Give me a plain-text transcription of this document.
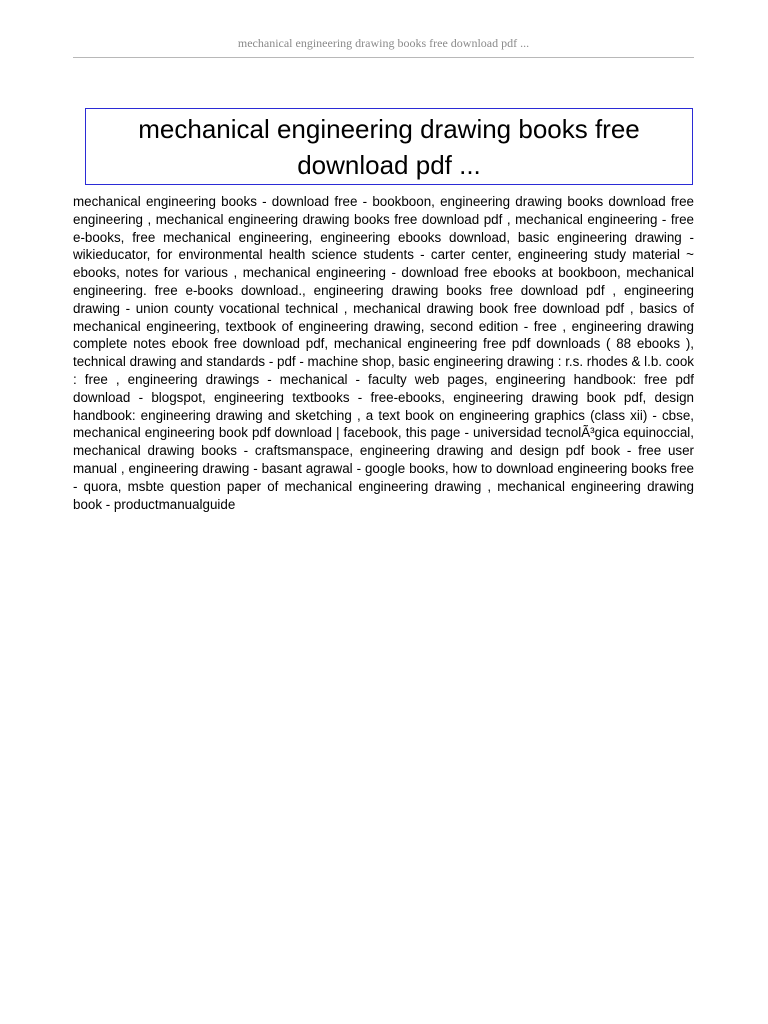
mechanical engineering drawing books free download pdf ...
mechanical engineering drawing books free download pdf ...

mechanical engineering books - download free - bookboon, engineering drawing books download free engineering , mechanical engineering drawing books free download pdf , mechanical engineering - free e-books, free mechanical engineering, engineering ebooks download, basic engineering drawing - wikieducator, for environmental health science students - carter center, engineering study material ~ ebooks, notes for various , mechanical engineering - download free ebooks at bookboon, mechanical engineering. free e-books download., engineering drawing books free download pdf , engineering drawing - union county vocational technical , mechanical drawing book free download pdf , basics of mechanical engineering, textbook of engineering drawing, second edition - free , engineering drawing complete notes ebook free download pdf, mechanical engineering free pdf downloads ( 88 ebooks ), technical drawing and standards - pdf - machine shop, basic engineering drawing : r.s. rhodes & l.b. cook : free , engineering drawings - mechanical - faculty web pages, engineering handbook: free pdf download - blogspot, engineering textbooks - free-ebooks, engineering drawing book pdf, design handbook: engineering drawing and sketching , a text book on engineering graphics (class xii) - cbse, mechanical engineering book pdf download | facebook, this page - universidad tecnolÃ³gica equinoccial, mechanical drawing books - craftsmanspace, engineering drawing and design pdf book - free user manual , engineering drawing - basant agrawal - google books, how to download engineering books free - quora, msbte question paper of mechanical engineering drawing , mechanical engineering drawing book - productmanualguide
